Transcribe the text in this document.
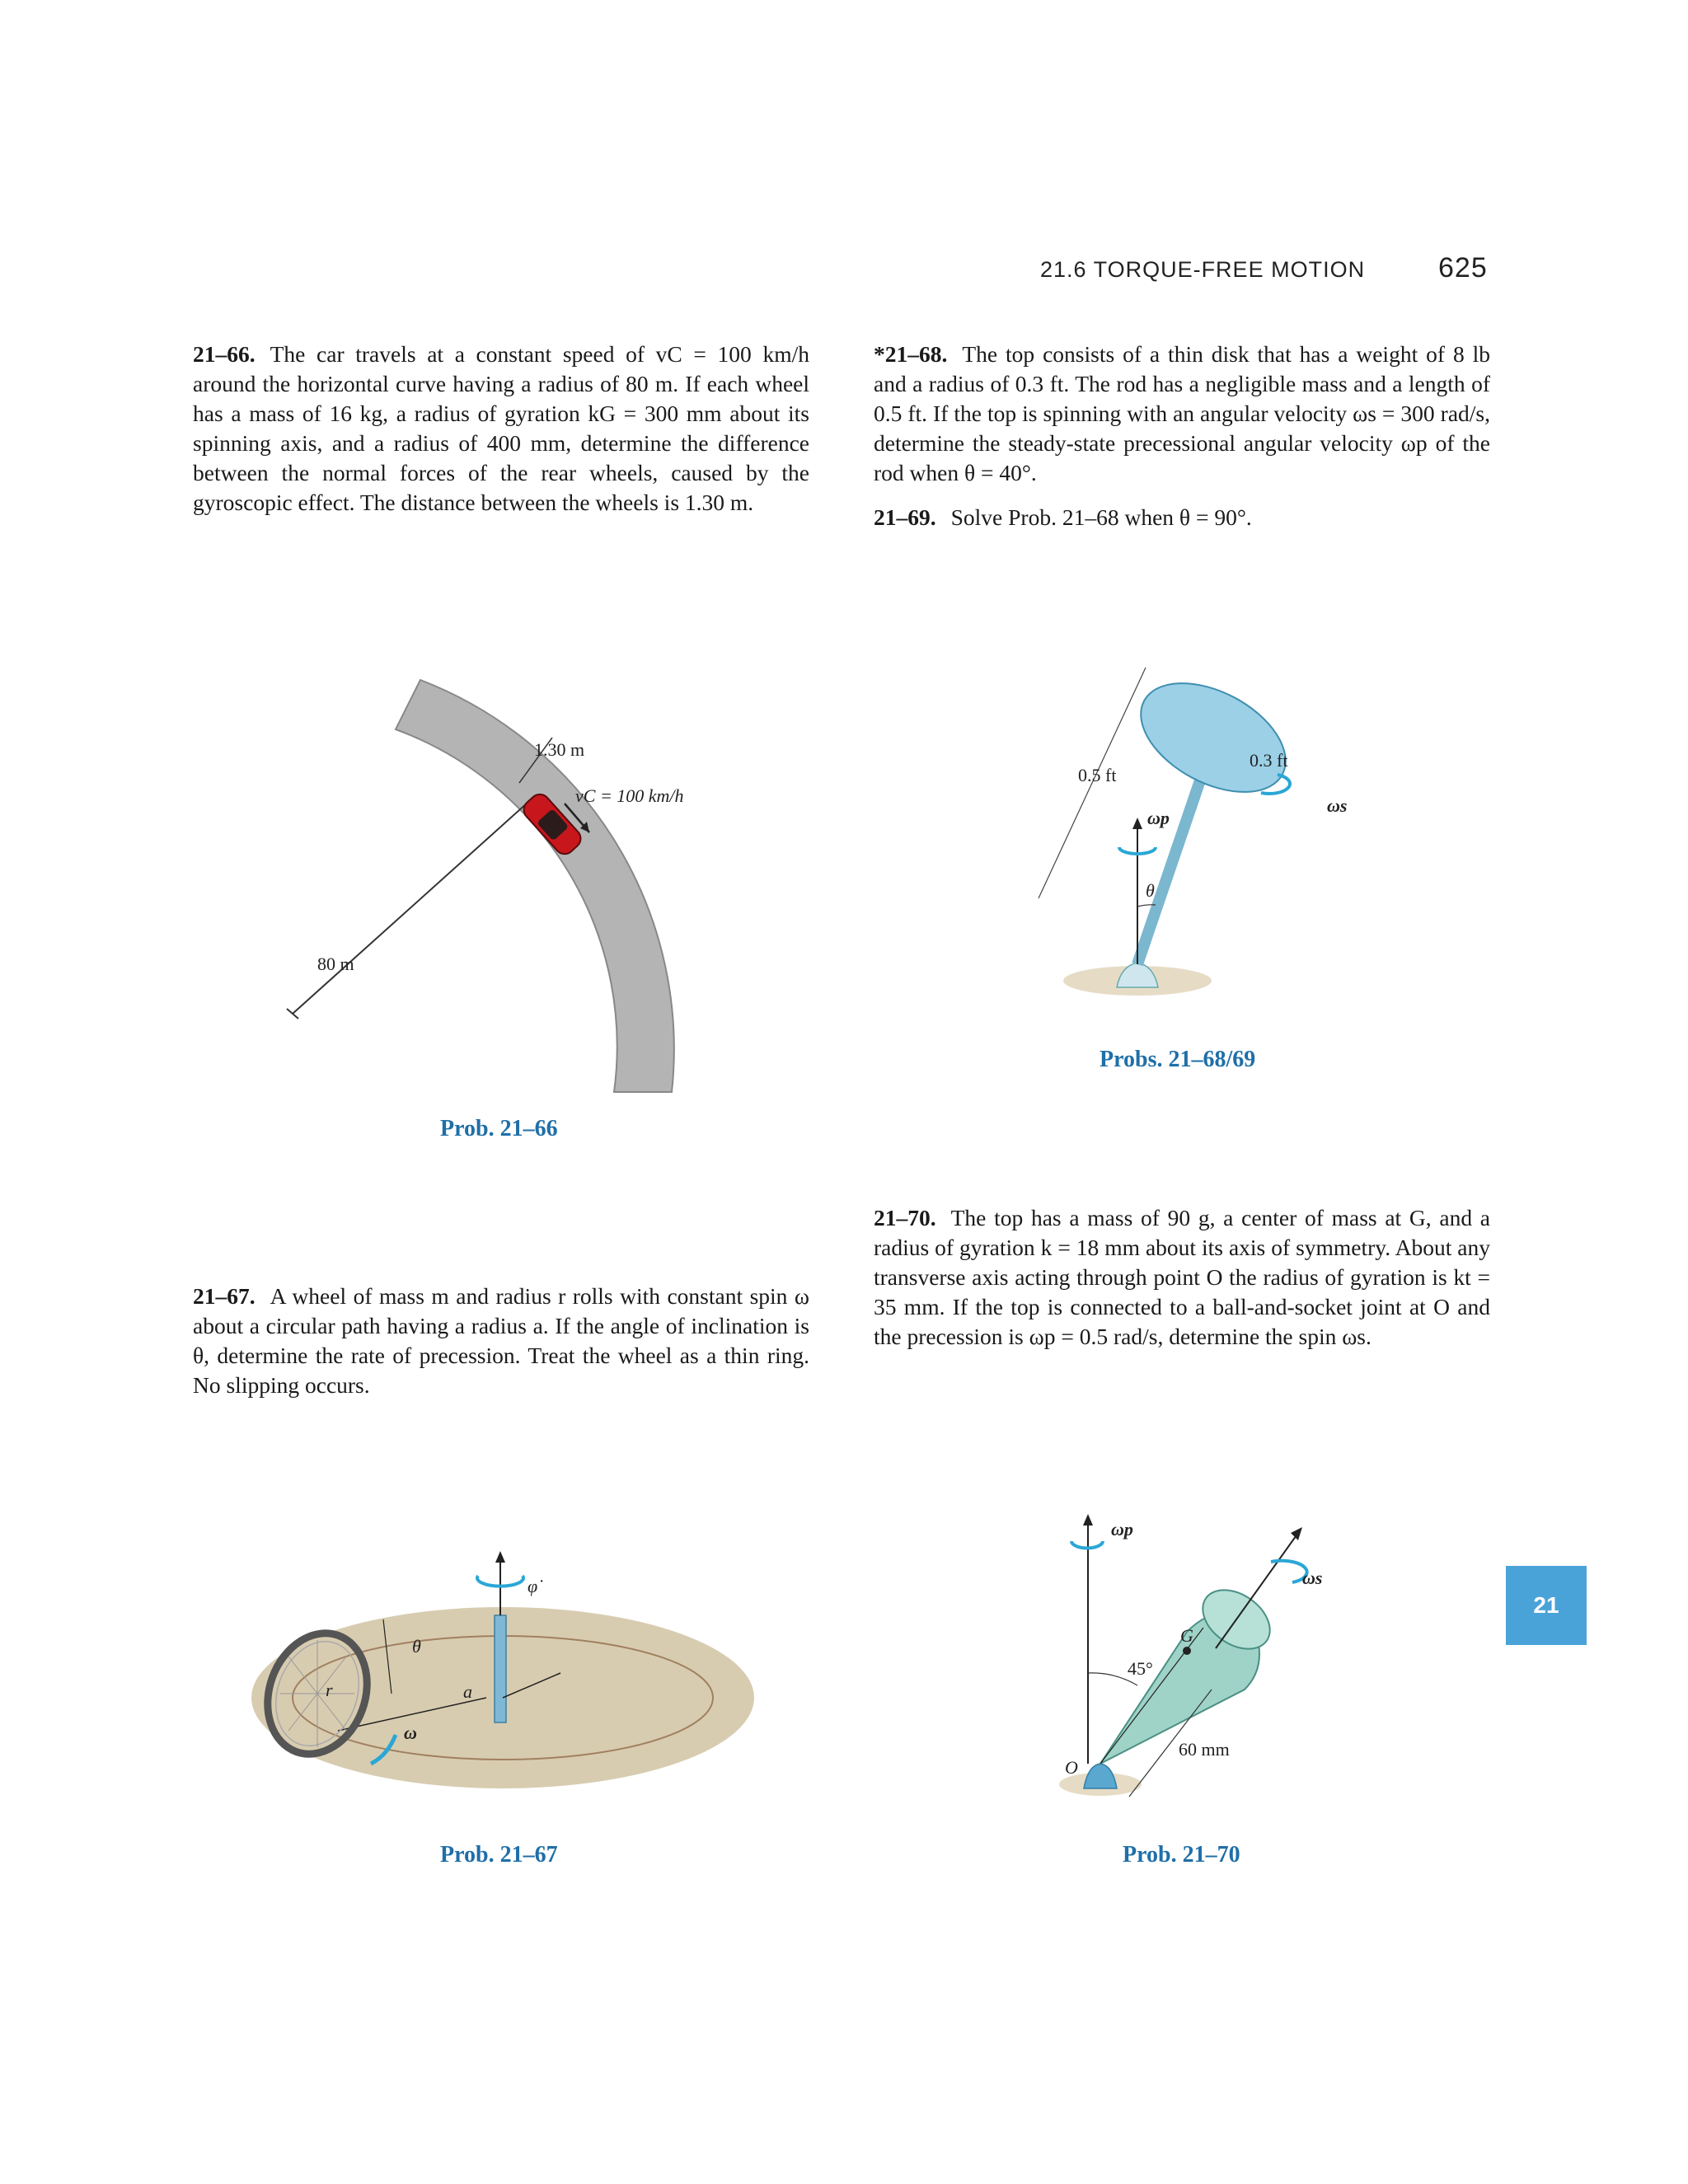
21.6 TORQUE-FREE MOTION	625
21–66. The car travels at a constant speed of vC = 100 km/h around the horizontal curve having a radius of 80 m. If each wheel has a mass of 16 kg, a radius of gyration kG = 300 mm about its spinning axis, and a radius of 400 mm, determine the difference between the normal forces of the rear wheels, caused by the gyroscopic effect. The distance between the wheels is 1.30 m.
*21–68. The top consists of a thin disk that has a weight of 8 lb and a radius of 0.3 ft. The rod has a negligible mass and a length of 0.5 ft. If the top is spinning with an angular velocity ωs = 300 rad/s, determine the steady-state precessional angular velocity ωp of the rod when θ = 40°.
21–69. Solve Prob. 21–68 when θ = 90°.
21–70. The top has a mass of 90 g, a center of mass at G, and a radius of gyration k = 18 mm about its axis of symmetry. About any transverse axis acting through point O the radius of gyration is kt = 35 mm. If the top is connected to a ball-and-socket joint at O and the precession is ωp = 0.5 rad/s, determine the spin ωs.
21–67. A wheel of mass m and radius r rolls with constant spin ω about a circular path having a radius a. If the angle of inclination is θ, determine the rate of precession. Treat the wheel as a thin ring. No slipping occurs.
1.30 m
vC = 100 km/h
80 m
Prob. 21–66
0.5 ft
0.3 ft
ωp
ωs
θ
Probs. 21–68/69
φ̇
θ
r	a
ω
Prob. 21–67
ωp
ωs
45°
G
O
60 mm
Prob. 21–70
21
